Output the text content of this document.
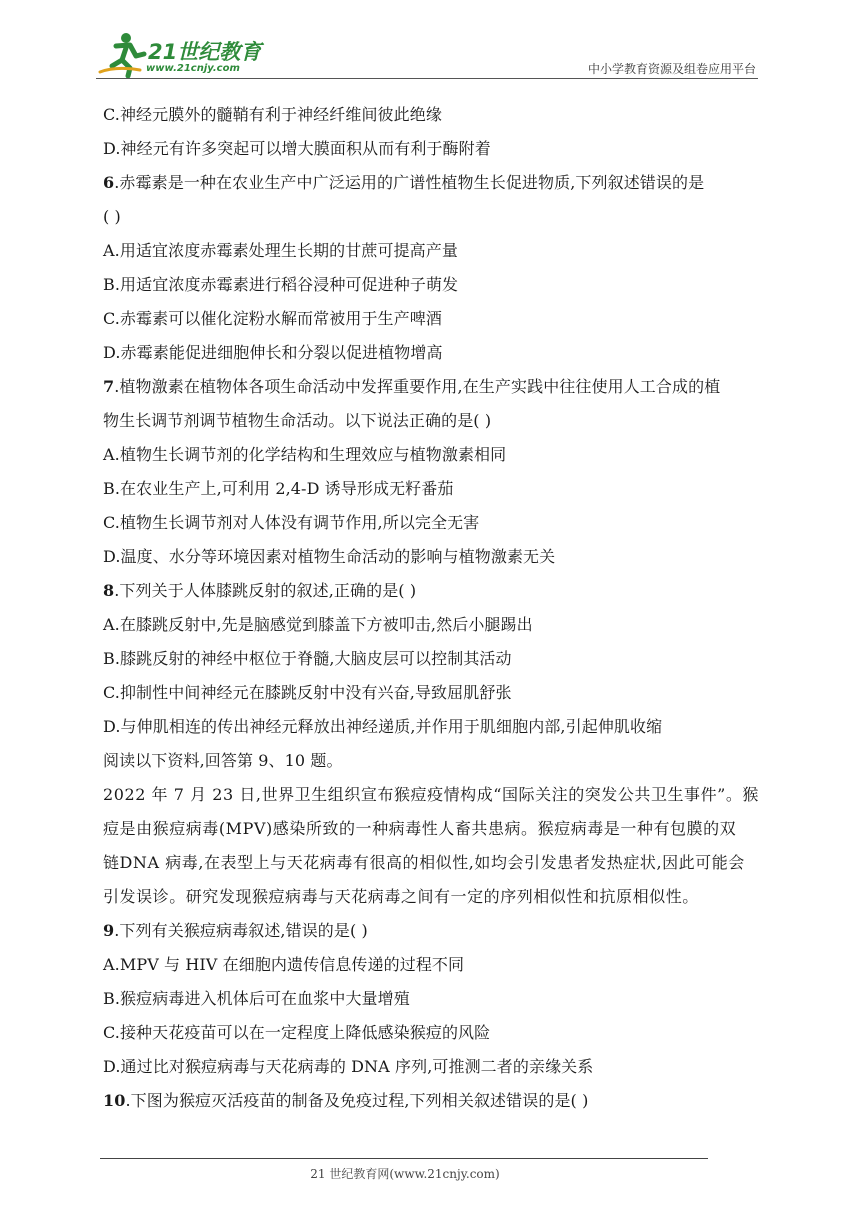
21世纪教育
www.21cnjy.com	中小学教育资源及组卷应用平台
C.神经元膜外的髓鞘有利于神经纤维间彼此绝缘
D.神经元有许多突起可以增大膜面积从而有利于酶附着
6.赤霉素是一种在农业生产中广泛运用的广谱性植物生长促进物质,下列叙述错误的是
( )
A.用适宜浓度赤霉素处理生长期的甘蔗可提高产量
B.用适宜浓度赤霉素进行稻谷浸种可促进种子萌发
C.赤霉素可以催化淀粉水解而常被用于生产啤酒
D.赤霉素能促进细胞伸长和分裂以促进植物增高
7.植物激素在植物体各项生命活动中发挥重要作用,在生产实践中往往使用人工合成的植
物生长调节剂调节植物生命活动。以下说法正确的是( )
A.植物生长调节剂的化学结构和生理效应与植物激素相同
B.在农业生产上,可利用 2,4-D 诱导形成无籽番茄
C.植物生长调节剂对人体没有调节作用,所以完全无害
D.温度、水分等环境因素对植物生命活动的影响与植物激素无关
8.下列关于人体膝跳反射的叙述,正确的是( )
A.在膝跳反射中,先是脑感觉到膝盖下方被叩击,然后小腿踢出
B.膝跳反射的神经中枢位于脊髓,大脑皮层可以控制其活动
C.抑制性中间神经元在膝跳反射中没有兴奋,导致屈肌舒张
D.与伸肌相连的传出神经元释放出神经递质,并作用于肌细胞内部,引起伸肌收缩
阅读以下资料,回答第 9、10 题。
2022 年 7 月 23 日,世界卫生组织宣布猴痘疫情构成“国际关注的突发公共卫生事件”。猴
痘是由猴痘病毒(MPV)感染所致的一种病毒性人畜共患病。猴痘病毒是一种有包膜的双
链DNA 病毒,在表型上与天花病毒有很高的相似性,如均会引发患者发热症状,因此可能会
引发误诊。研究发现猴痘病毒与天花病毒之间有一定的序列相似性和抗原相似性。
9.下列有关猴痘病毒叙述,错误的是( )
A.MPV 与 HIV 在细胞内遗传信息传递的过程不同
B.猴痘病毒进入机体后可在血浆中大量增殖
C.接种天花疫苗可以在一定程度上降低感染猴痘的风险
D.通过比对猴痘病毒与天花病毒的 DNA 序列,可推测二者的亲缘关系
10.下图为猴痘灭活疫苗的制备及免疫过程,下列相关叙述错误的是( )
21 世纪教育网(www.21cnjy.com)
